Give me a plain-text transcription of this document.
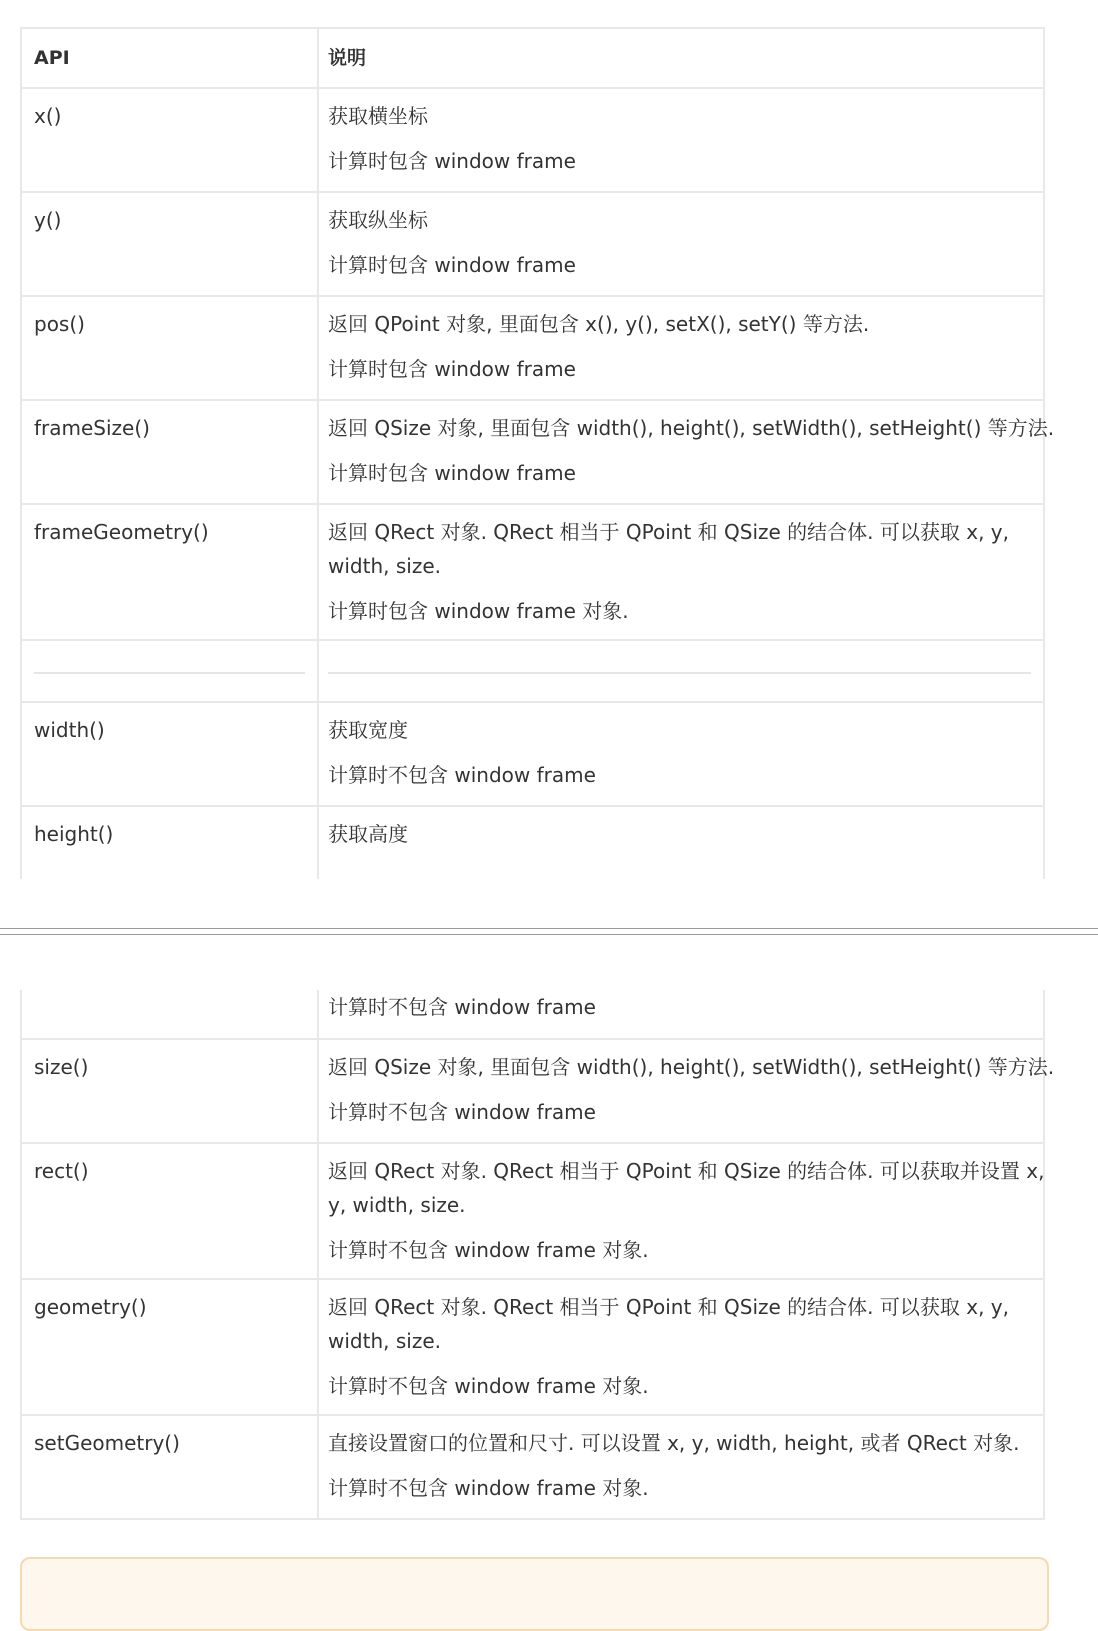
API	说明
x()	获取横坐标
计算时包含 window frame
y()	获取纵坐标
计算时包含 window frame
pos()	返回 QPoint 对象, 里面包含 x(), y(), setX(), setY() 等方法.
计算时包含 window frame
frameSize()	返回 QSize 对象, 里面包含 width(), height(), setWidth(), setHeight() 等方法.
计算时包含 window frame
frameGeometry()	返回 QRect 对象. QRect 相当于 QPoint 和 QSize 的结合体. 可以获取 x, y,
width, size.
计算时包含 window frame 对象.
width()	获取宽度
计算时不包含 window frame
height()	获取高度
计算时不包含 window frame
size()	返回 QSize 对象, 里面包含 width(), height(), setWidth(), setHeight() 等方法.
计算时不包含 window frame
rect()	返回 QRect 对象. QRect 相当于 QPoint 和 QSize 的结合体. 可以获取并设置 x,
y, width, size.
计算时不包含 window frame 对象.
geometry()	返回 QRect 对象. QRect 相当于 QPoint 和 QSize 的结合体. 可以获取 x, y,
width, size.
计算时不包含 window frame 对象.
setGeometry()	直接设置窗口的位置和尺寸. 可以设置 x, y, width, height, 或者 QRect 对象.
计算时不包含 window frame 对象.
